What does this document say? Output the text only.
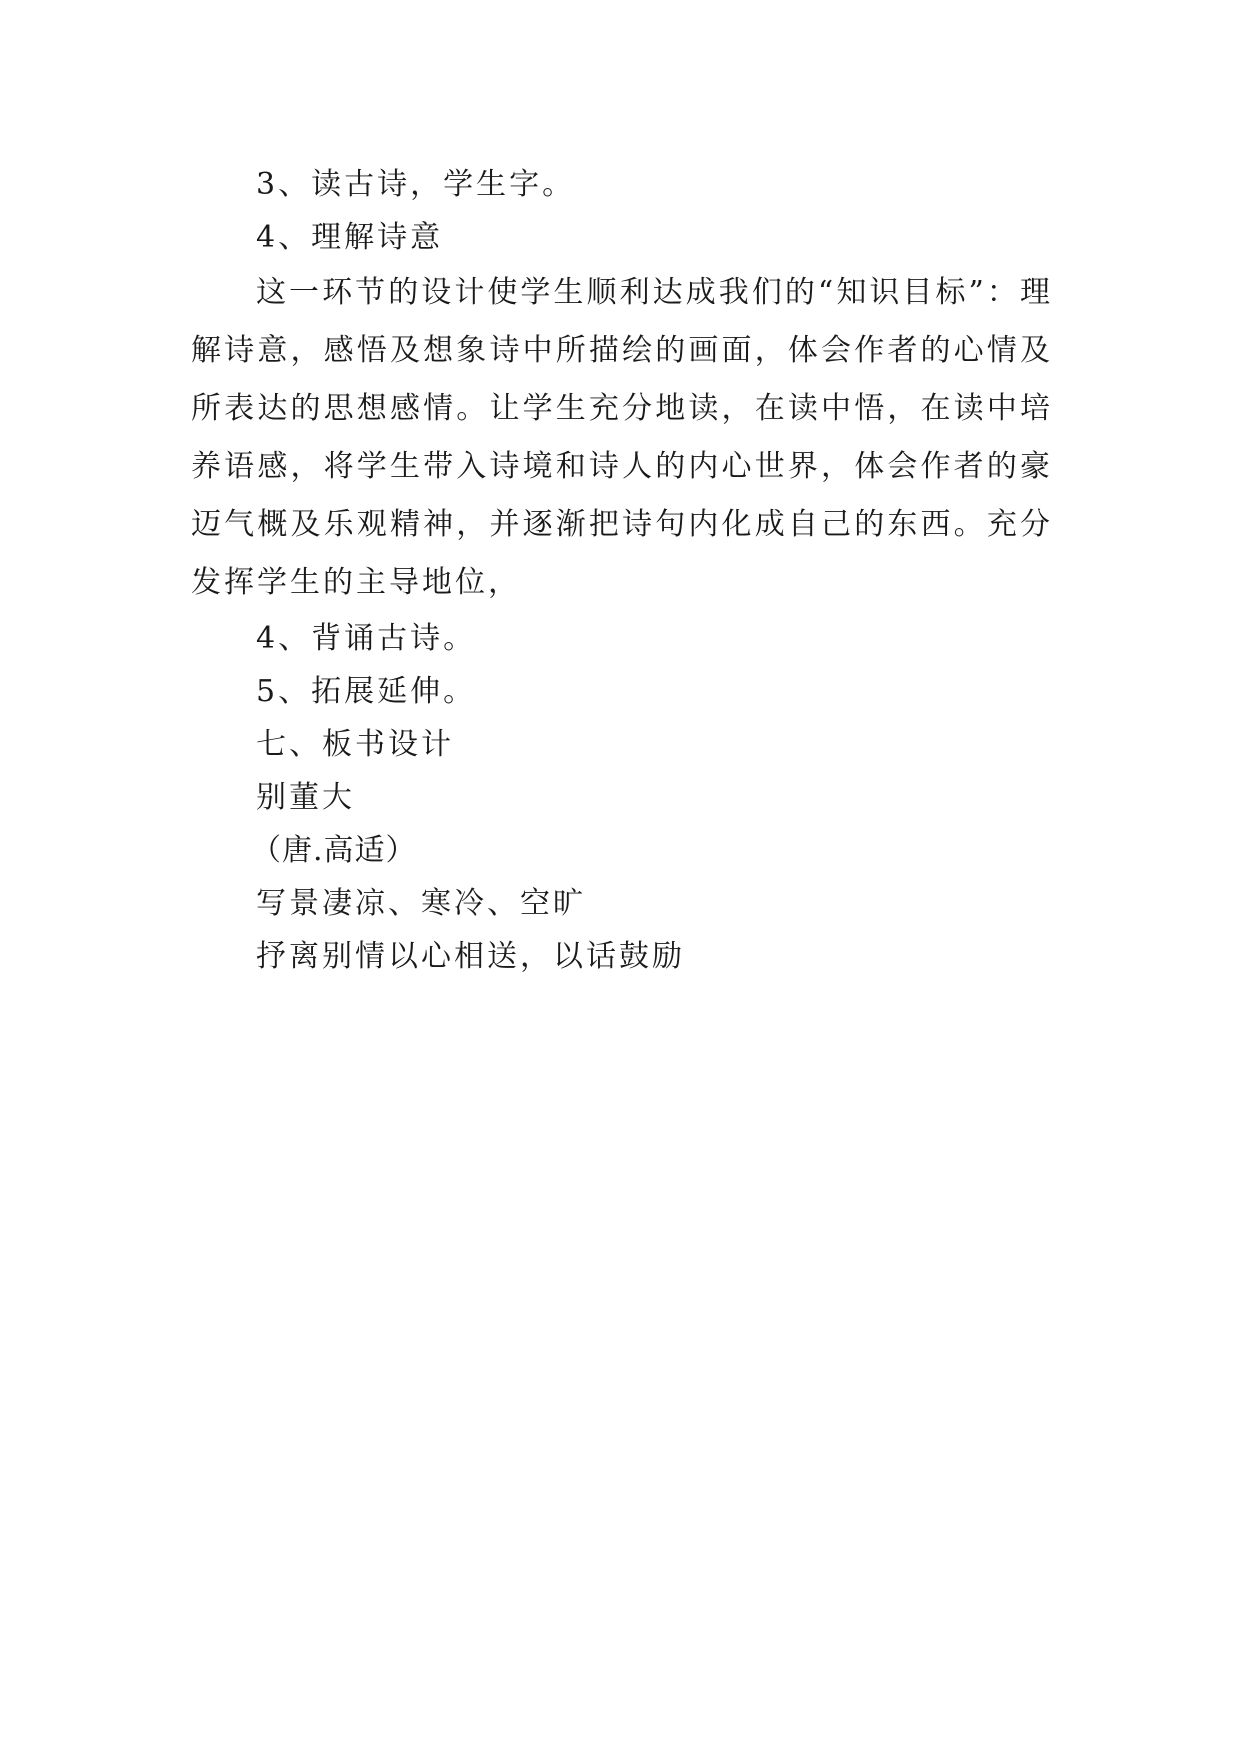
3、读古诗，学生字。

4、理解诗意

这一环节的设计使学生顺利达成我们的“知识目标”：理解诗意，感悟及想象诗中所描绘的画面，体会作者的心情及所表达的思想感情。让学生充分地读，在读中悟，在读中培养语感，将学生带入诗境和诗人的内心世界，体会作者的豪迈气概及乐观精神，并逐渐把诗句内化成自己的东西。充分发挥学生的主导地位，

4、背诵古诗。

5、拓展延伸。

七、板书设计

别董大

（唐.高适）

写景凄凉、寒冷、空旷

抒离别情以心相送，以话鼓励
